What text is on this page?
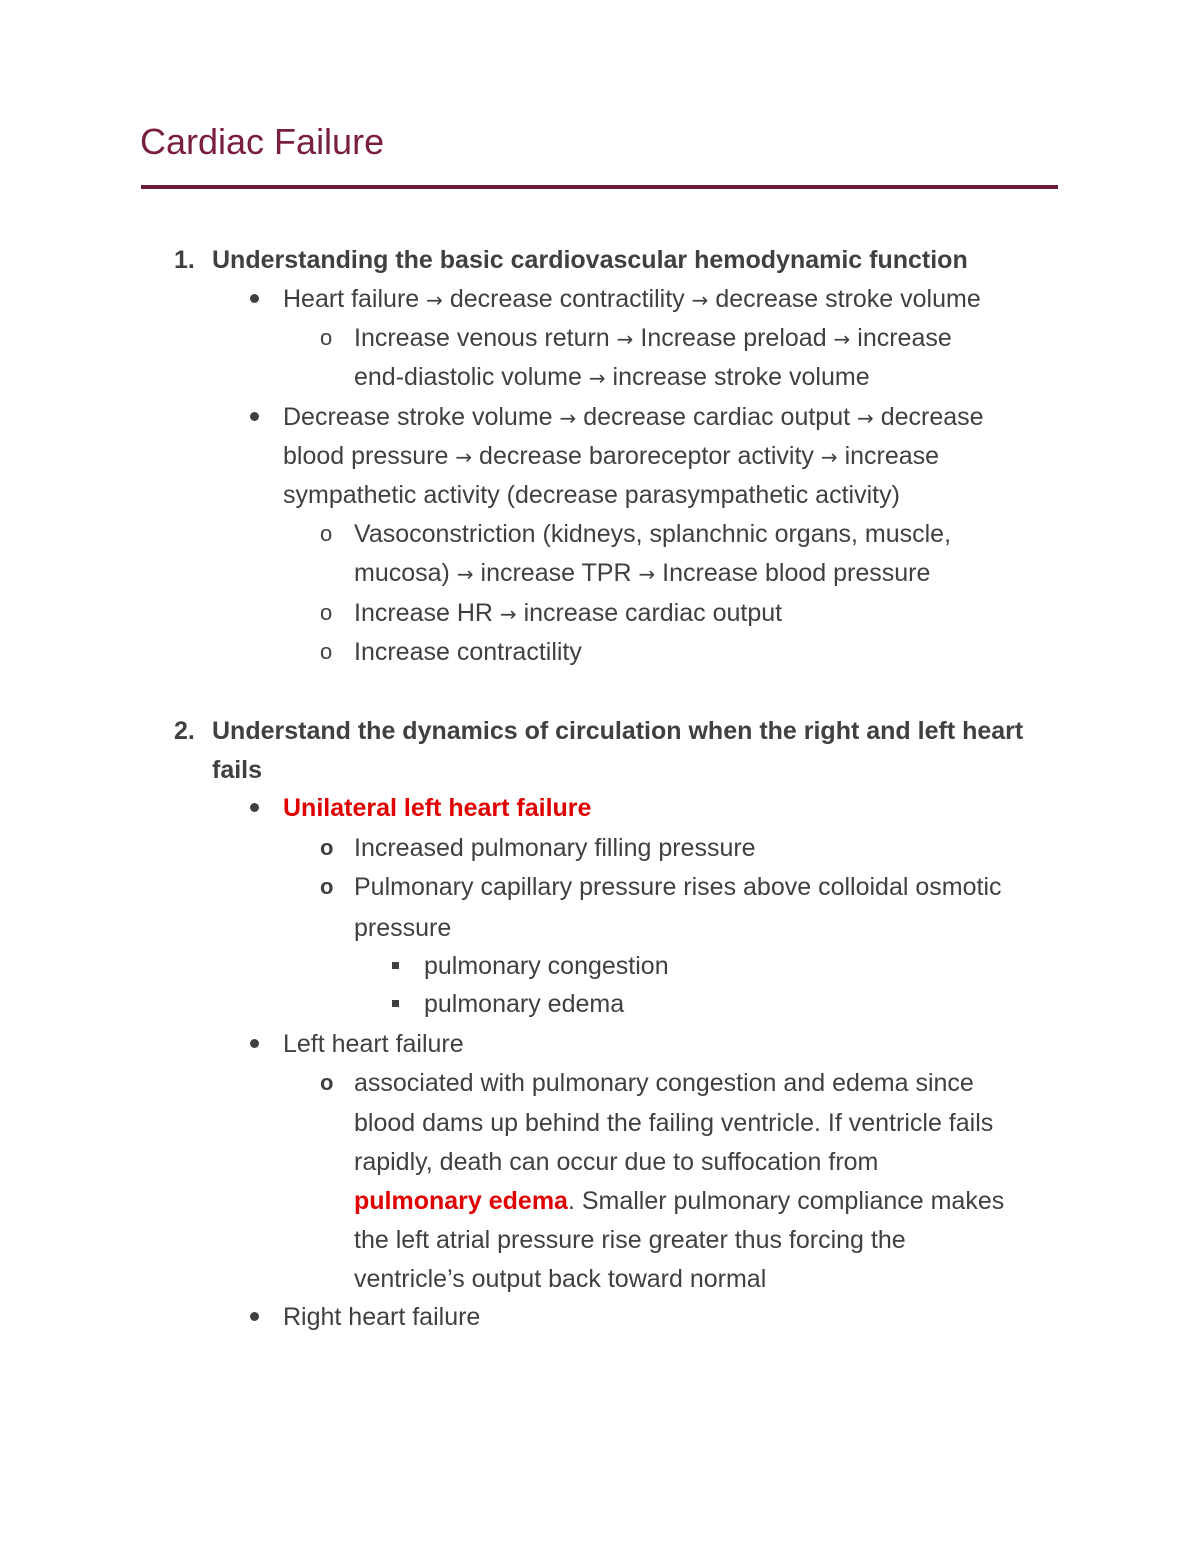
Cardiac Failure
1. Understanding the basic cardiovascular hemodynamic function
Heart failure → decrease contractility → decrease stroke volume
o Increase venous return → Increase preload → increase
end-diastolic volume → increase stroke volume
Decrease stroke volume → decrease cardiac output → decrease
blood pressure → decrease baroreceptor activity → increase
sympathetic activity (decrease parasympathetic activity)
o Vasoconstriction (kidneys, splanchnic organs, muscle,
mucosa) → increase TPR → Increase blood pressure
o Increase HR → increase cardiac output
o Increase contractility
2. Understand the dynamics of circulation when the right and left heart
fails
Unilateral left heart failure
o Increased pulmonary filling pressure
o Pulmonary capillary pressure rises above colloidal osmotic
pressure
pulmonary congestion
pulmonary edema
Left heart failure
o associated with pulmonary congestion and edema since
blood dams up behind the failing ventricle. If ventricle fails
rapidly, death can occur due to suffocation from
pulmonary edema. Smaller pulmonary compliance makes
the left atrial pressure rise greater thus forcing the
ventricle’s output back toward normal
Right heart failure
